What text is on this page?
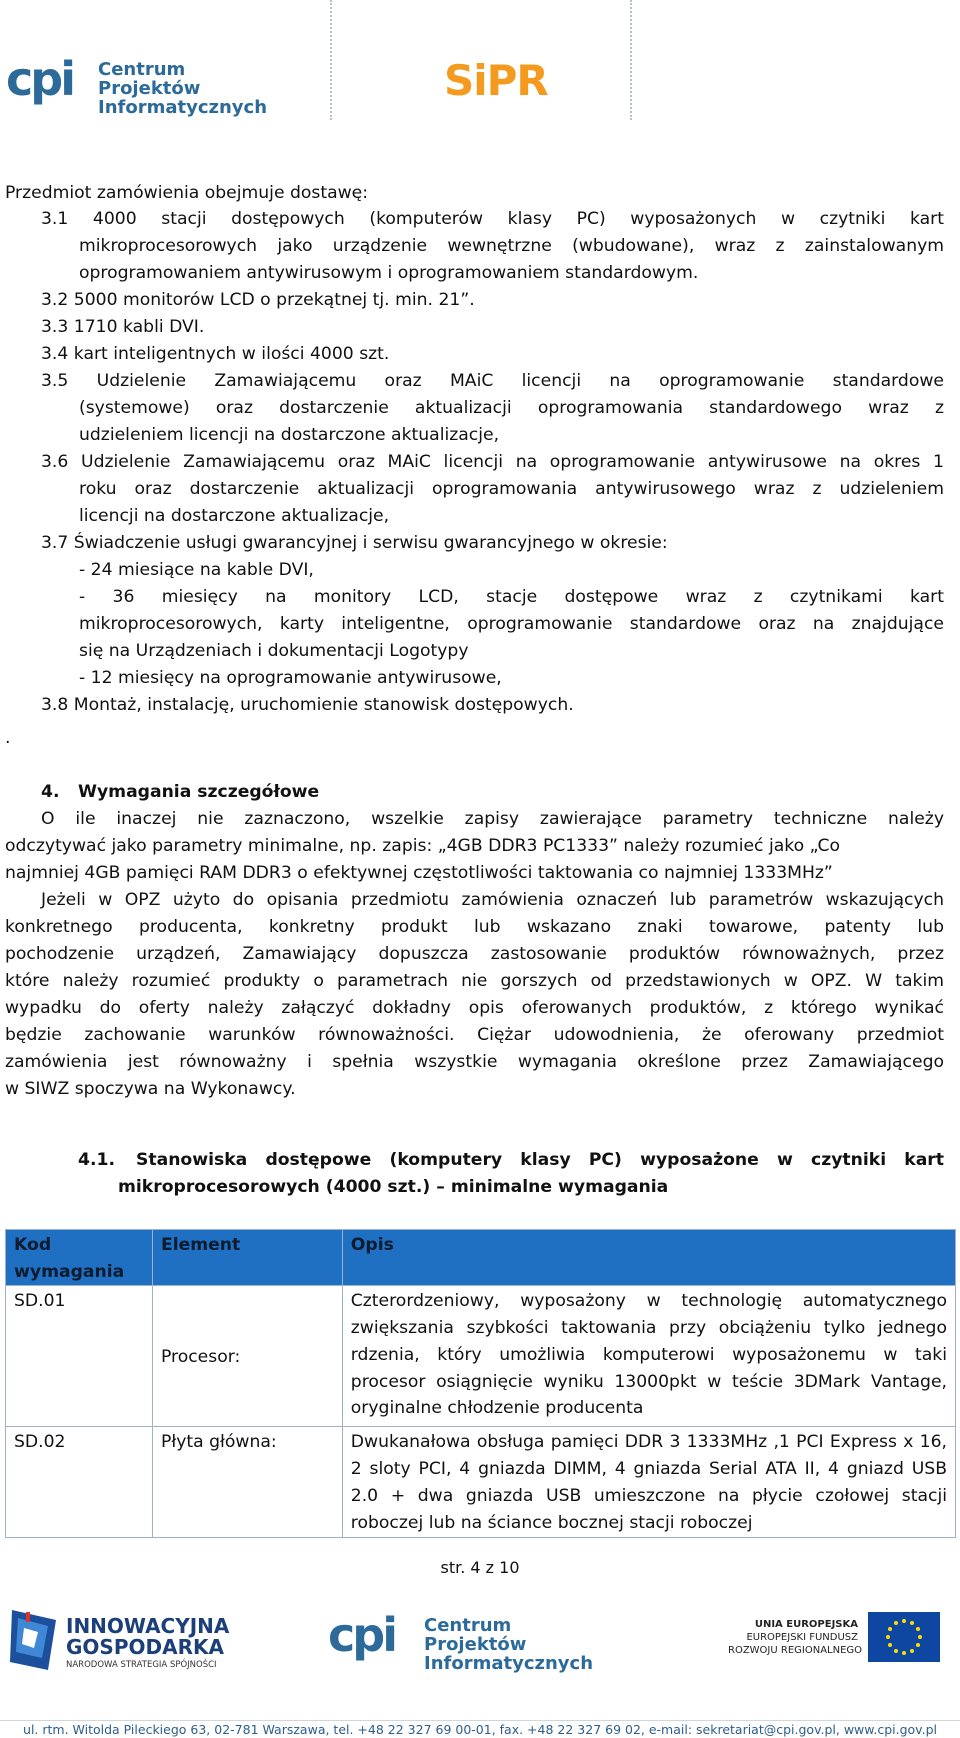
cpi	Centrum Projektów
Informatycznych
SiPR
Przedmiot zamówienia obejmuje dostawę:
3.1 4000 stacji dostępowych (komputerów klasy PC) wyposażonych w czytniki kart
mikroprocesorowych jako urządzenie wewnętrzne (wbudowane), wraz z zainstalowanym
oprogramowaniem antywirusowym i oprogramowaniem standardowym.
3.2 5000 monitorów LCD o przekątnej tj. min. 21”.
3.3 1710 kabli DVI.
3.4 kart inteligentnych w ilości 4000 szt.
3.5 Udzielenie Zamawiającemu oraz MAiC licencji na oprogramowanie standardowe
(systemowe) oraz dostarczenie aktualizacji oprogramowania standardowego wraz z
udzieleniem licencji na dostarczone aktualizacje,
3.6 Udzielenie Zamawiającemu oraz MAiC licencji na oprogramowanie antywirusowe na okres 1
roku oraz dostarczenie aktualizacji oprogramowania antywirusowego wraz z udzieleniem
licencji na dostarczone aktualizacje,
3.7 Świadczenie usługi gwarancyjnej i serwisu gwarancyjnego w okresie:
- 24 miesiące na kable DVI,
- 36 miesięcy na monitory LCD, stacje dostępowe wraz z czytnikami kart
mikroprocesorowych, karty inteligentne, oprogramowanie standardowe oraz na znajdujące
się na Urządzeniach i dokumentacji Logotypy
- 12 miesięcy na oprogramowanie antywirusowe,
3.8 Montaż, instalację, uruchomienie stanowisk dostępowych.
.
4. Wymagania szczegółowe
O ile inaczej nie zaznaczono, wszelkie zapisy zawierające parametry techniczne należy
odczytywać jako parametry minimalne, np. zapis: „4GB DDR3 PC1333” należy rozumieć jako „Co
najmniej 4GB pamięci RAM DDR3 o efektywnej częstotliwości taktowania co najmniej 1333MHz”
Jeżeli w OPZ użyto do opisania przedmiotu zamówienia oznaczeń lub parametrów wskazujących
konkretnego producenta, konkretny produkt lub wskazano znaki towarowe, patenty lub
pochodzenie urządzeń, Zamawiający dopuszcza zastosowanie produktów równoważnych, przez
które należy rozumieć produkty o parametrach nie gorszych od przedstawionych w OPZ. W takim
wypadku do oferty należy załączyć dokładny opis oferowanych produktów, z którego wynikać
będzie zachowanie warunków równoważności. Ciężar udowodnienia, że oferowany przedmiot
zamówienia jest równoważny i spełnia wszystkie wymagania określone przez Zamawiającego
w SIWZ spoczywa na Wykonawcy.
4.1. Stanowiska dostępowe (komputery klasy PC) wyposażone w czytniki kart
mikroprocesorowych (4000 szt.) – minimalne wymagania
Kod wymagania	Element	Opis

SD.01	Procesor:	Czterordzeniowy, wyposażony w technologię automatycznego zwiększania szybkości taktowania przy obciążeniu tylko jednego rdzenia, który umożliwia komputerowi wyposażonemu w taki procesor osiągnięcie wyniku 13000pkt w teście 3DMark Vantage, oryginalne chłodzenie producenta

SD.02	Płyta główna:	Dwukanałowa obsługa pamięci DDR 3 1333MHz ,1 PCI Express x 16, 2 sloty PCI, 4 gniazda DIMM, 4 gniazda Serial ATA II, 4 gniazd USB 2.0 + dwa gniazda USB umieszczone na płycie czołowej stacji roboczej lub na ściance bocznej stacji roboczej
str. 4 z 10
INNOWACYJNA
GOSPODARKA
NARODOWA STRATEGIA SPÓJNOŚCI
cpi	Centrum Projektów
Informatycznych
UNIA EUROPEJSKA
EUROPEJSKI FUNDUSZ
ROZWOJU REGIONALNEGO
ul. rtm. Witolda Pileckiego 63, 02-781 Warszawa, tel. +48 22 327 69 00-01, fax. +48 22 327 69 02, e-mail: sekretariat@cpi.gov.pl, www.cpi.gov.pl
